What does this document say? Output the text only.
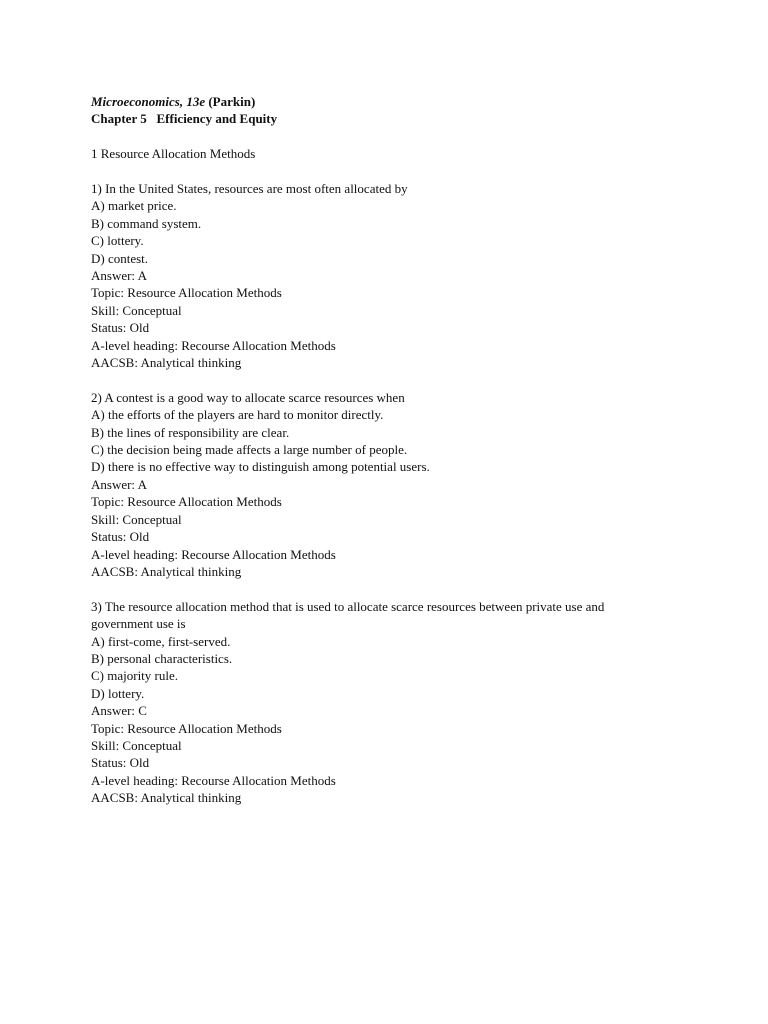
Microeconomics, 13e (Parkin)
Chapter 5 Efficiency and Equity
1 Resource Allocation Methods
1) In the United States, resources are most often allocated by
A) market price.
B) command system.
C) lottery.
D) contest.
Answer: A
Topic: Resource Allocation Methods
Skill: Conceptual
Status: Old
A-level heading: Recourse Allocation Methods
AACSB: Analytical thinking
2) A contest is a good way to allocate scarce resources when
A) the efforts of the players are hard to monitor directly.
B) the lines of responsibility are clear.
C) the decision being made affects a large number of people.
D) there is no effective way to distinguish among potential users.
Answer: A
Topic: Resource Allocation Methods
Skill: Conceptual
Status: Old
A-level heading: Recourse Allocation Methods
AACSB: Analytical thinking
3) The resource allocation method that is used to allocate scarce resources between private use and government use is
A) first-come, first-served.
B) personal characteristics.
C) majority rule.
D) lottery.
Answer: C
Topic: Resource Allocation Methods
Skill: Conceptual
Status: Old
A-level heading: Recourse Allocation Methods
AACSB: Analytical thinking
